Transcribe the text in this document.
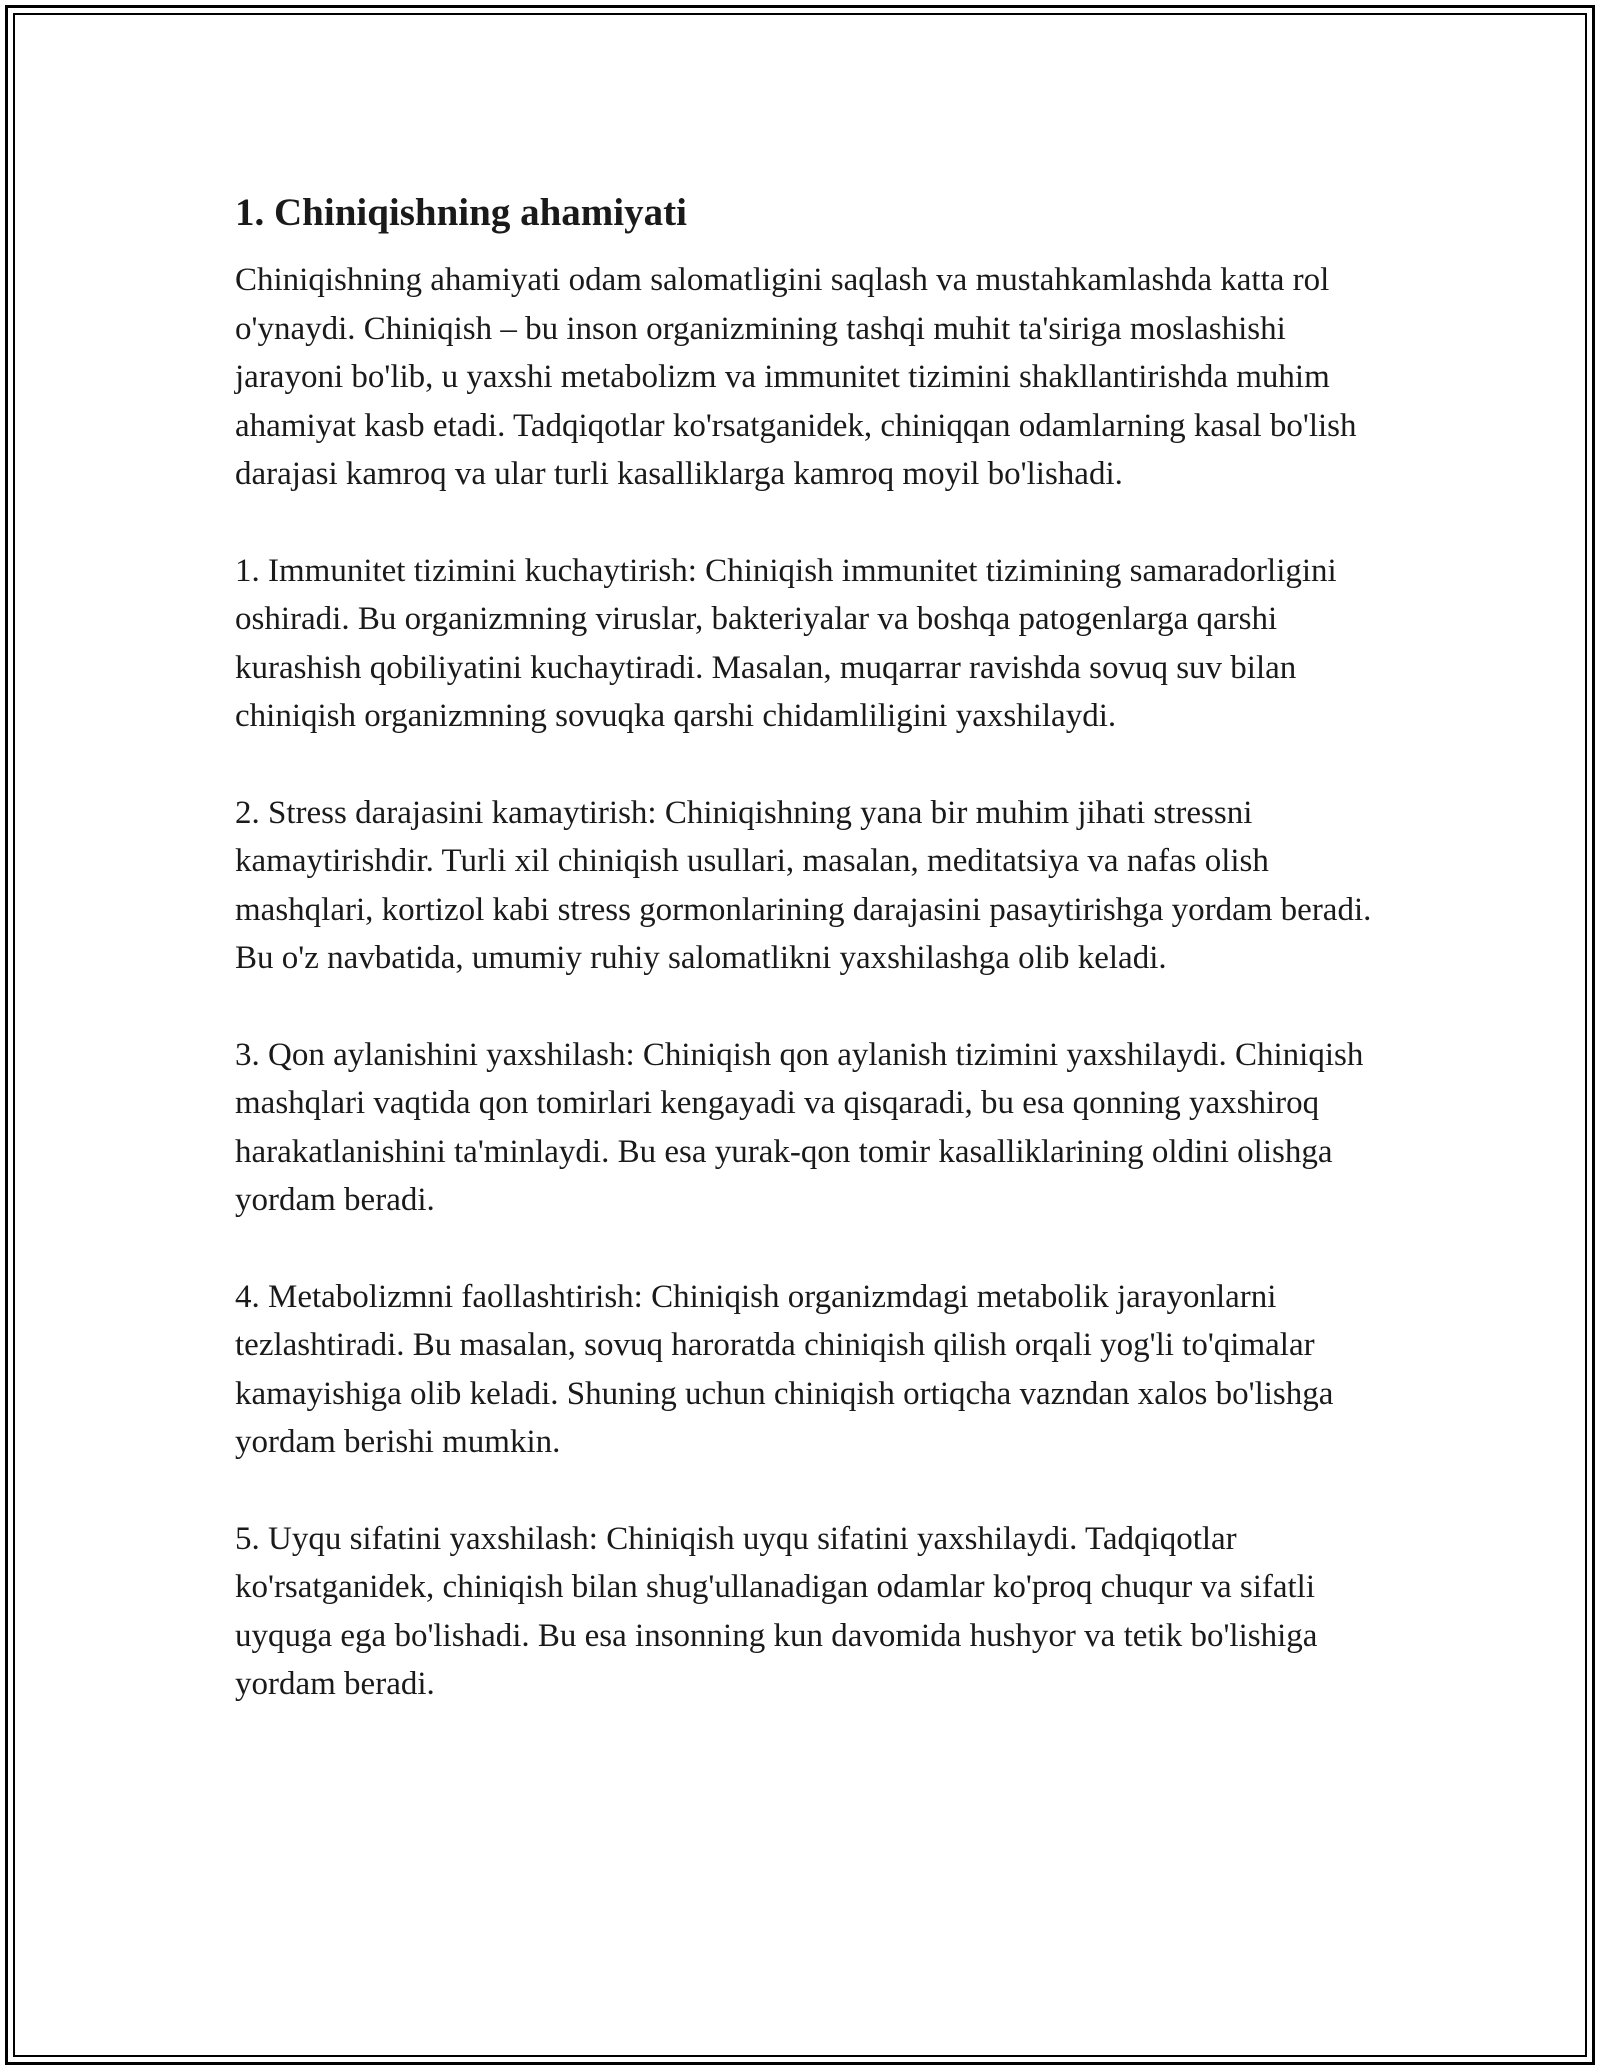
1. Chiniqishning ahamiyati

Chiniqishning ahamiyati odam salomatligini saqlash va mustahkamlashda katta rol o'ynaydi. Chiniqish – bu inson organizmining tashqi muhit ta'siriga moslashishi jarayoni bo'lib, u yaxshi metabolizm va immunitet tizimini shakllantirishda muhim ahamiyat kasb etadi. Tadqiqotlar ko'rsatganidek, chiniqqan odamlarning kasal bo'lish darajasi kamroq va ular turli kasalliklarga kamroq moyil bo'lishadi.

1. Immunitet tizimini kuchaytirish: Chiniqish immunitet tizimining samaradorligini oshiradi. Bu organizmning viruslar, bakteriyalar va boshqa patogenlarga qarshi kurashish qobiliyatini kuchaytiradi. Masalan, muqarrar ravishda sovuq suv bilan chiniqish organizmning sovuqka qarshi chidamliligini yaxshilaydi.

2. Stress darajasini kamaytirish: Chiniqishning yana bir muhim jihati stressni kamaytirishdir. Turli xil chiniqish usullari, masalan, meditatsiya va nafas olish mashqlari, kortizol kabi stress gormonlarining darajasini pasaytirishga yordam beradi. Bu o'z navbatida, umumiy ruhiy salomatlikni yaxshilashga olib keladi.

3. Qon aylanishini yaxshilash: Chiniqish qon aylanish tizimini yaxshilaydi. Chiniqish mashqlari vaqtida qon tomirlari kengayadi va qisqaradi, bu esa qonning yaxshiroq harakatlanishini ta'minlaydi. Bu esa yurak-qon tomir kasalliklarining oldini olishga yordam beradi.

4. Metabolizmni faollashtirish: Chiniqish organizmdagi metabolik jarayonlarni tezlashtiradi. Bu masalan, sovuq haroratda chiniqish qilish orqali yog'li to'qimalar kamayishiga olib keladi. Shuning uchun chiniqish ortiqcha vazndan xalos bo'lishga yordam berishi mumkin.

5. Uyqu sifatini yaxshilash: Chiniqish uyqu sifatini yaxshilaydi. Tadqiqotlar ko'rsatganidek, chiniqish bilan shug'ullanadigan odamlar ko'proq chuqur va sifatli uyquga ega bo'lishadi. Bu esa insonning kun davomida hushyor va tetik bo'lishiga yordam beradi.
